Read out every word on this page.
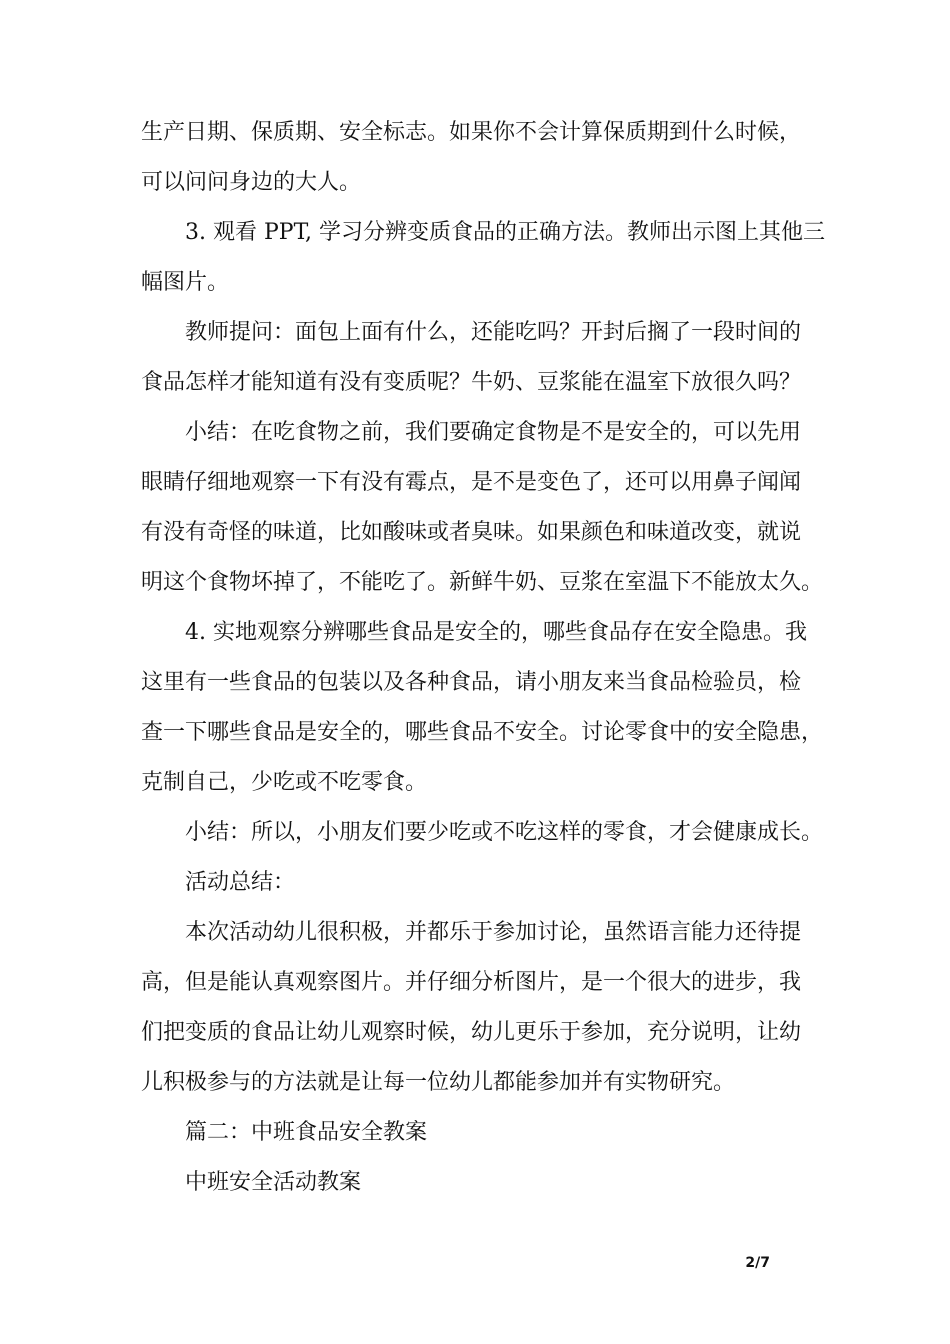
生产日期、保质期、安全标志。如果你不会计算保质期到什么时候，
可以问问身边的大人。
3. 观看 PPT, 学习分辨变质食品的正确方法。教师出示图上其他三
幅图片。
教师提问：面包上面有什么，还能吃吗？开封后搁了一段时间的
食品怎样才能知道有没有变质呢？牛奶、豆浆能在温室下放很久吗？
小结：在吃食物之前，我们要确定食物是不是安全的，可以先用
眼睛仔细地观察一下有没有霉点，是不是变色了，还可以用鼻子闻闻
有没有奇怪的味道，比如酸味或者臭味。如果颜色和味道改变，就说
明这个食物坏掉了，不能吃了。新鲜牛奶、豆浆在室温下不能放太久。
4. 实地观察分辨哪些食品是安全的，哪些食品存在安全隐患。我
这里有一些食品的包装以及各种食品，请小朋友来当食品检验员，检
查一下哪些食品是安全的，哪些食品不安全。讨论零食中的安全隐患，
克制自己，少吃或不吃零食。
小结：所以，小朋友们要少吃或不吃这样的零食，才会健康成长。
活动总结：
本次活动幼儿很积极，并都乐于参加讨论，虽然语言能力还待提
高，但是能认真观察图片。并仔细分析图片，是一个很大的进步，我
们把变质的食品让幼儿观察时候，幼儿更乐于参加，充分说明，让幼
儿积极参与的方法就是让每一位幼儿都能参加并有实物研究。
篇二：中班食品安全教案
中班安全活动教案
2/7
